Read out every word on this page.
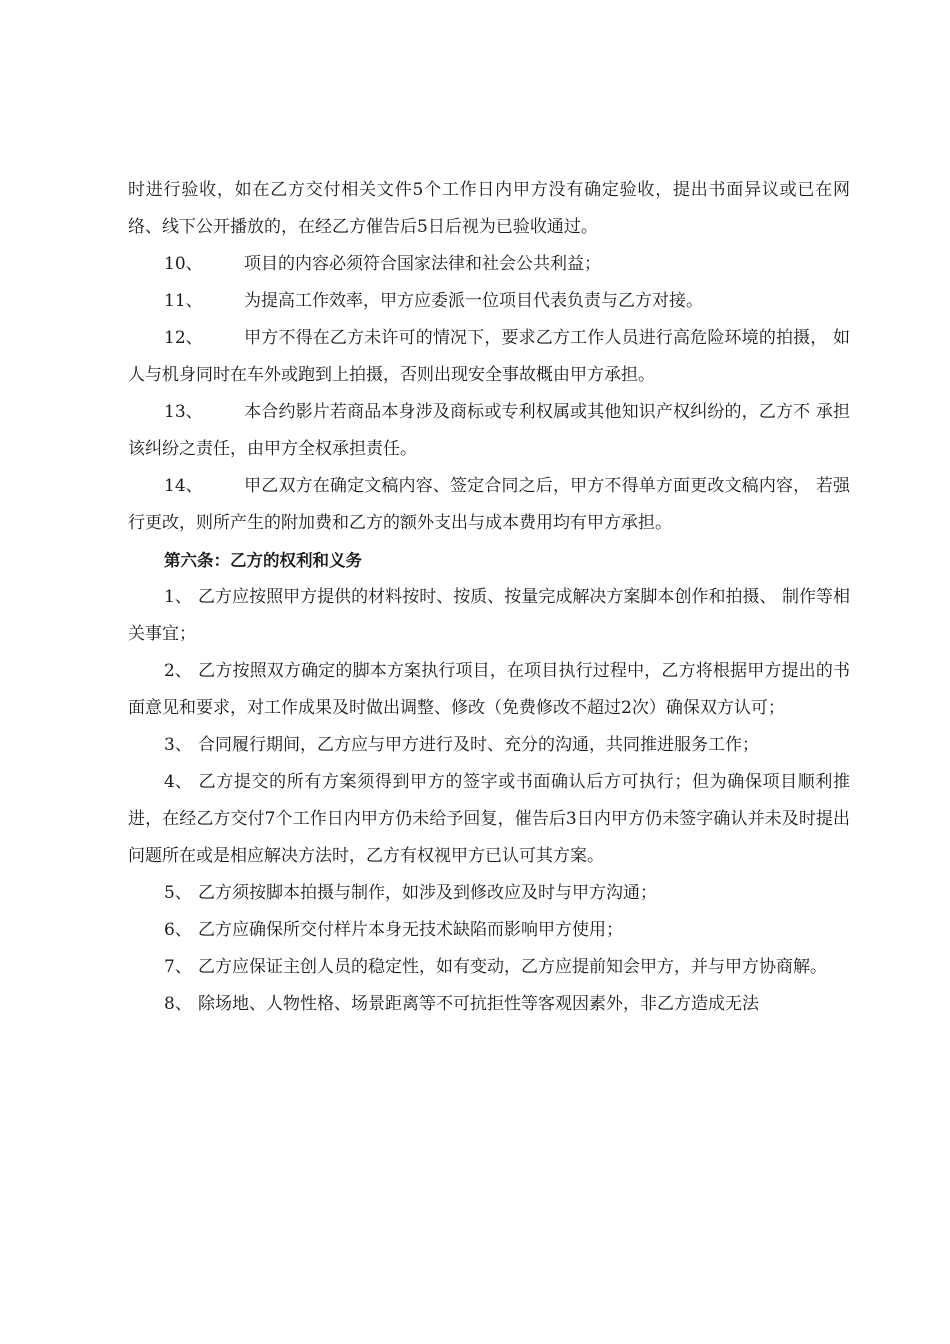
时进行验收，如在乙方交付相关文件5个工作日内甲方没有确定验收，提出书面异议或已在网络、线下公开播放的，在经乙方催告后5日后视为已验收通过。

10、 项目的内容必须符合国家法律和社会公共利益；

11、 为提高工作效率，甲方应委派一位项目代表负责与乙方对接。

12、 甲方不得在乙方未许可的情况下，要求乙方工作人员进行高危险环境的拍摄， 如人与机身同时在车外或跑到上拍摄，否则出现安全事故概由甲方承担。

13、 本合约影片若商品本身涉及商标或专利权属或其他知识产权纠纷的，乙方不 承担该纠纷之责任，由甲方全权承担责任。

14、 甲乙双方在确定文稿内容、签定合同之后，甲方不得单方面更改文稿内容， 若强行更改，则所产生的附加费和乙方的额外支出与成本费用均有甲方承担。

第六条：乙方的权利和义务

1、 乙方应按照甲方提供的材料按时、按质、按量完成解决方案脚本创作和拍摄、 制作等相关事宜；

2、 乙方按照双方确定的脚本方案执行项目，在项目执行过程中，乙方将根据甲方提出的书面意见和要求，对工作成果及时做出调整、修改（免费修改不超过2次）确保双方认可；

3、 合同履行期间，乙方应与甲方进行及时、充分的沟通，共同推进服务工作；

4、 乙方提交的所有方案须得到甲方的签字或书面确认后方可执行；但为确保项目顺利推进，在经乙方交付7个工作日内甲方仍未给予回复，催告后3日内甲方仍未签字确认并未及时提出问题所在或是相应解决方法时，乙方有权视甲方已认可其方案。

5、 乙方须按脚本拍摄与制作，如涉及到修改应及时与甲方沟通；

6、 乙方应确保所交付样片本身无技术缺陷而影响甲方使用；

7、 乙方应保证主创人员的稳定性，如有变动，乙方应提前知会甲方，并与甲方协商解。

8、 除场地、人物性格、场景距离等不可抗拒性等客观因素外，非乙方造成无法
